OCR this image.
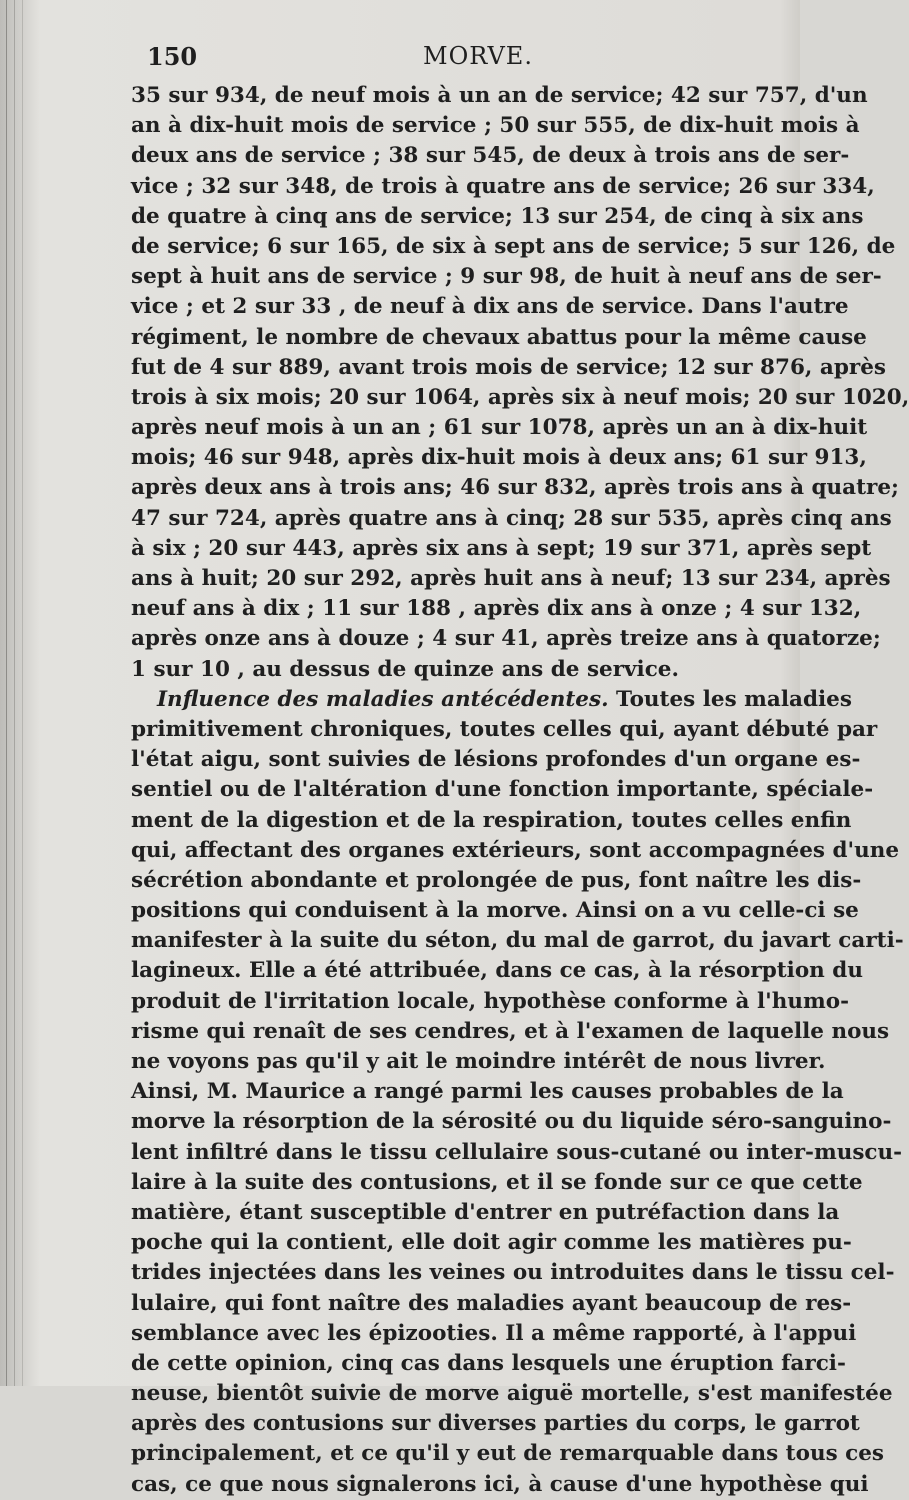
150	MORVE.
35 sur 934, de neuf mois à un an de service; 42 sur 757, d'un
an à dix-huit mois de service ; 50 sur 555, de dix-huit mois à
deux ans de service ; 38 sur 545, de deux à trois ans de ser-
vice ; 32 sur 348, de trois à quatre ans de service; 26 sur 334,
de quatre à cinq ans de service; 13 sur 254, de cinq à six ans
de service; 6 sur 165, de six à sept ans de service; 5 sur 126, de
sept à huit ans de service ; 9 sur 98, de huit à neuf ans de ser-
vice ; et 2 sur 33 , de neuf à dix ans de service. Dans l'autre
régiment, le nombre de chevaux abattus pour la même cause
fut de 4 sur 889, avant trois mois de service; 12 sur 876, après
trois à six mois; 20 sur 1064, après six à neuf mois; 20 sur 1020,
après neuf mois à un an ; 61 sur 1078, après un an à dix-huit
mois; 46 sur 948, après dix-huit mois à deux ans; 61 sur 913,
après deux ans à trois ans; 46 sur 832, après trois ans à quatre;
47 sur 724, après quatre ans à cinq; 28 sur 535, après cinq ans
à six ; 20 sur 443, après six ans à sept; 19 sur 371, après sept
ans à huit; 20 sur 292, après huit ans à neuf; 13 sur 234, après
neuf ans à dix ; 11 sur 188 , après dix ans à onze ; 4 sur 132,
après onze ans à douze ; 4 sur 41, après treize ans à quatorze;
1 sur 10 , au dessus de quinze ans de service.
Influence des maladies antécédentes. Toutes les maladies
primitivement chroniques, toutes celles qui, ayant débuté par
l'état aigu, sont suivies de lésions profondes d'un organe es-
sentiel ou de l'altération d'une fonction importante, spéciale-
ment de la digestion et de la respiration, toutes celles enfin
qui, affectant des organes extérieurs, sont accompagnées d'une
sécrétion abondante et prolongée de pus, font naître les dis-
positions qui conduisent à la morve. Ainsi on a vu celle-ci se
manifester à la suite du séton, du mal de garrot, du javart carti-
lagineux. Elle a été attribuée, dans ce cas, à la résorption du
produit de l'irritation locale, hypothèse conforme à l'humo-
risme qui renaît de ses cendres, et à l'examen de laquelle nous
ne voyons pas qu'il y ait le moindre intérêt de nous livrer.
Ainsi, M. Maurice a rangé parmi les causes probables de la
morve la résorption de la sérosité ou du liquide séro-sanguino-
lent infiltré dans le tissu cellulaire sous-cutané ou inter-muscu-
laire à la suite des contusions, et il se fonde sur ce que cette
matière, étant susceptible d'entrer en putréfaction dans la
poche qui la contient, elle doit agir comme les matières pu-
trides injectées dans les veines ou introduites dans le tissu cel-
lulaire, qui font naître des maladies ayant beaucoup de res-
semblance avec les épizooties. Il a même rapporté, à l'appui
de cette opinion, cinq cas dans lesquels une éruption farci-
neuse, bientôt suivie de morve aiguë mortelle, s'est manifestée
après des contusions sur diverses parties du corps, le garrot
principalement, et ce qu'il y eut de remarquable dans tous ces
cas, ce que nous signalerons ici, à cause d'une hypothèse qui
